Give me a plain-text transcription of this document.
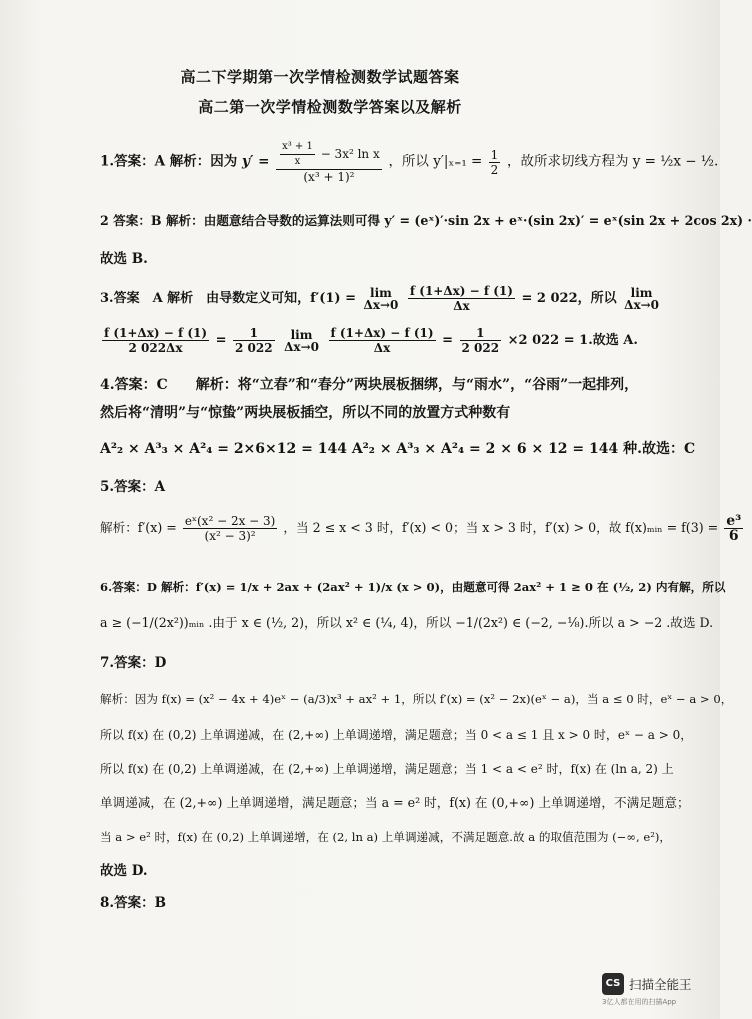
高二下学期第一次学情检测数学试题答案
高二第一次学情检测数学答案以及解析
1.答案：A 解析：因为 $y' = \frac{\frac{\text{x³ + 1}}{x} - 3x^2 \ln x}{\text{(x³ + 1)²}}$ ，所以 $y'|_{x=1} = \frac{1}{2}$ ，故所求切线方程为 y = ½x − ½.
2 答案：B 解析：由题意结合导数的运算法则可得 y′ = (eˣ)′·sin 2x + eˣ·(sin 2x)′ = eˣ(sin 2x + 2cos 2x) ·
故选 B.
3.答案　A 解析　由导数定义可知，f′(1) =	lim
Δx→0
$\frac{f (1+\Delta x) - f (1)}{\Delta x} = 2$ 022，所以	lim
Δx→0
$\frac{f (1+\Delta x) - f (1)}{2 022\Delta x} = \frac{1}{2 022}$
	lim
Δx→0
$\frac{f (1+\Delta x) - f (1)}{\Delta x} = \frac{1}{2 022} \times 2$ 022 = 1.故选 A.
4.答案：C　　解析：将“立春”和“春分”两块展板捆绑，与“雨水”，“谷雨”一起排列，
然后将“清明”与“惊蛰”两块展板插空，所以不同的放置方式种数有
A²₂ × A³₃ × A²₄ = 2×6×12 = 144 A²₂ × A³₃ × A²₄ = 2 × 6 × 12 = 144 种.故选：C
5.答案：A
解析：$f'(x) = \frac{\text{eˣ(x² − 2x − 3)}}{\text{(x² − 3)²}}$ ，当 2 ≤ x < 3 时，f′(x) < 0；当 x > 3 时，f′(x) > 0，故 f(x)ₘᵢₙ = $f(3) = \frac{\text{e³}}{6}$
6.答案：D 解析：f′(x) = 1/x + 2ax + (2ax² + 1)/x (x > 0)，由题意可得 2ax² + 1 ≥ 0 在 (½, 2) 内有解，所以
a ≥ (−1/(2x²))ₘᵢₙ .由于 x ∈ (½, 2)，所以 x² ∈ (¼, 4)，所以 −1/(2x²) ∈ (−2, −⅛).所以 a > −2 .故选 D.
7.答案：D
解析：因为 f(x) = (x² − 4x + 4)eˣ − (a/3)x³ + ax² + 1，所以 f′(x) = (x² − 2x)(eˣ − a)，当 a ≤ 0 时，eˣ − a > 0，
所以 f(x) 在 (0,2) 上单调递减，在 (2,+∞) 上单调递增，满足题意；当 0 < a ≤ 1 且 x > 0 时，eˣ − a > 0，
所以 f(x) 在 (0,2) 上单调递减，在 (2,+∞) 上单调递增，满足题意；当 1 < a < e² 时，f(x) 在 (ln a, 2) 上
单调递减，在 (2,+∞) 上单调递增，满足题意；当 a = e² 时，f(x) 在 (0,+∞) 上单调递增，不满足题意；
当 a > e² 时，f(x) 在 (0,2) 上单调递增，在 (2, ln a) 上单调递减，不满足题意.故 a 的取值范围为 (−∞, e²)，
故选 D.
8.答案：B
CS 扫描全能王
3亿人都在用的扫描App
